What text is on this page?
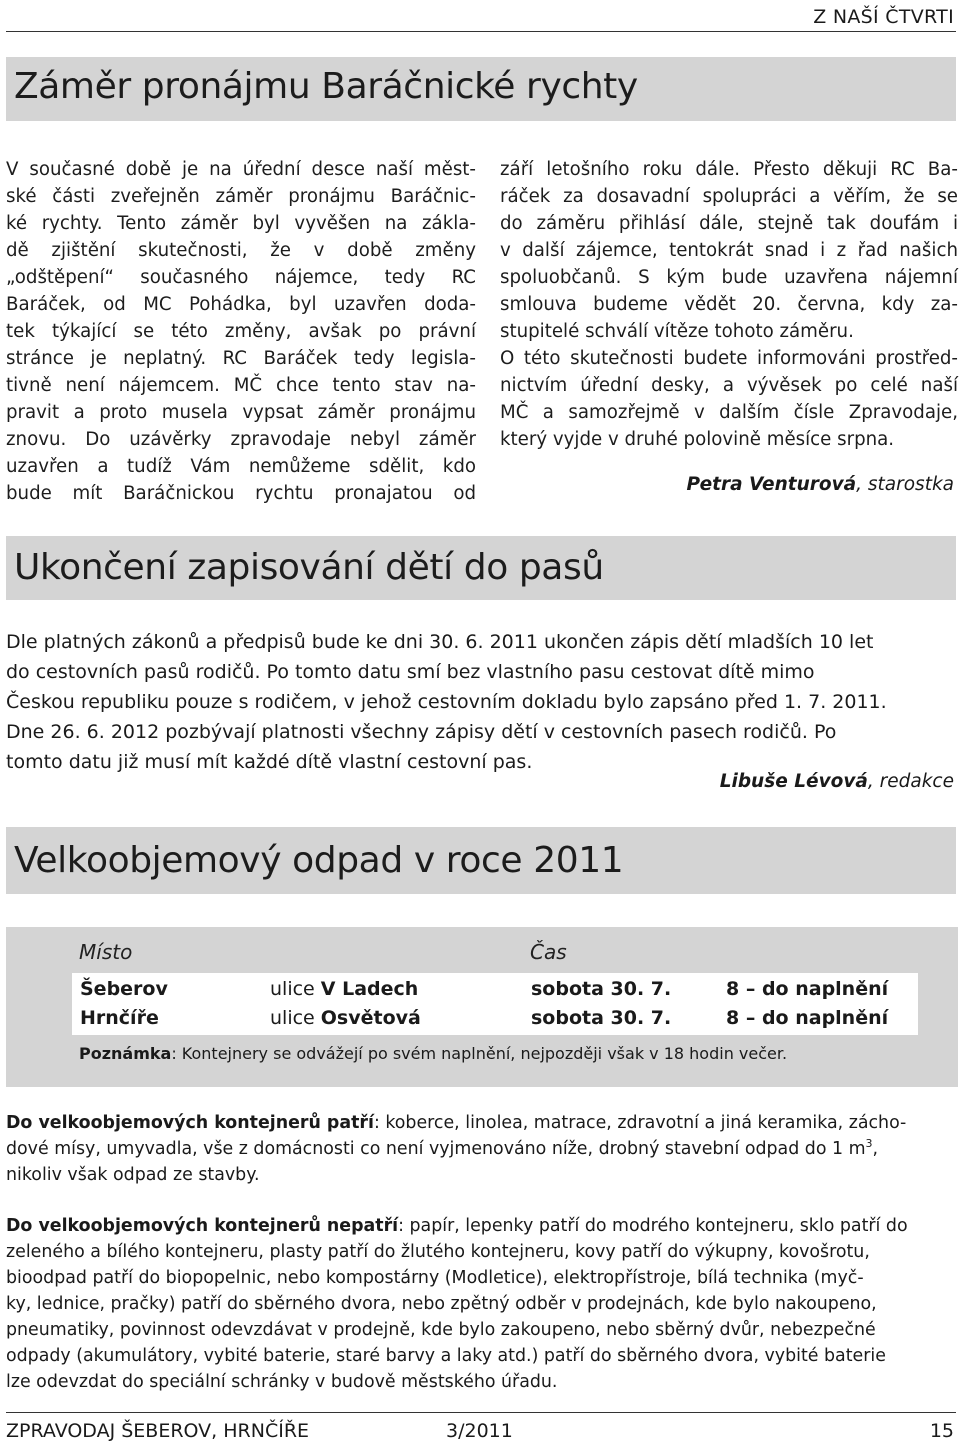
Z NAŠÍ ČTVRTI
Záměr pronájmu Baráčnické rychty

V současné době je na úřední desce naší měst-

ské části zveřejněn záměr pronájmu Baráčnic-

ké rychty. Tento záměr byl vyvěšen na zákla-

dě zjištění skutečnosti, že v době změny

„odštěpení“ současného nájemce, tedy RC

Baráček, od MC Pohádka, byl uzavřen dodа-

tek týkající se této změny, avšak po právní

stránce je neplatný. RC Baráček tedy legisla-

tivně není nájemcem. MČ chce tento stav na-

pravit a proto musela vypsat záměr pronájmu

znovu. Do uzávěrky zpravodaje nebyl záměr

uzavřen a tudíž Vám nemůžeme sdělit, kdo

bude mít Baráčnickou rychtu pronajatou od

září letošního roku dále. Přesto děkuji RC Ba-

ráček za dosavadní spolupráci a věřím, že se

do záměru přihlásí dále, stejně tak doufám i

v další zájemce, tentokrát snad i z řad našich

spoluobčanů. S kým bude uzavřena nájemní

smlouva budeme vědět 20. června, kdy za-

stupitelé schválí vítěze tohoto záměru.

O této skutečnosti budete informováni prostřed-

nictvím úřední desky, a vývěsek po celé naší

MČ a samozřejmě v dalším čísle Zpravodaje,

který vyjde v druhé polovině měsíce srpna.

Petra Venturová, starostka
Ukončení zapisování dětí do pasů

Dle platných zákonů a předpisů bude ke dni 30. 6. 2011 ukončen zápis dětí mladších 10 let

do cestovních pasů rodičů. Po tomto datu smí bez vlastního pasu cestovat dítě mimo

Českou republiku pouze s rodičem, v jehož cestovním dokladu bylo zapsáno před 1. 7. 2011.

Dne 26. 6. 2012 pozbývají platnosti všechny zápisy dětí v cestovních pasech rodičů. Po

tomto datu již musí mít každé dítě vlastní cestovní pas.

Libuše Lévová, redakce
Velkoobjemový odpad v roce 2011
Místo	Čas
Šeberov	ulice V Ladech	sobota 30. 7.	8 – do naplnění
Hrnčíře	ulice Osvětová	sobota 30. 7.	8 – do naplnění
Poznámka: Kontejnery se odvážejí po svém naplnění, nejpozději však v 18 hodin večer.

Do velkoobjemových kontejnerů patří: koberce, linolea, matrace, zdravotní a jiná keramika, zácho-

dové mísy, umyvadla, vše z domácnosti co není vyjmenováno níže, drobný stavební odpad do 1 $m^3$,

nikoliv však odpad ze stavby.

Do velkoobjemových kontejnerů nepatří: papír, lepenky patří do modrého kontejneru, sklo patří do

zeleného a bílého kontejneru, plasty patří do žlutého kontejneru, kovy patří do výkupny, kovošrotu,

bioodpad patří do biopopelnic, nebo kompostárny (Modletice), elektropřístroje, bílá technika (myč-

ky, lednice, pračky) patří do sběrného dvora, nebo zpětný odběr v prodejnách, kde bylo nakoupeno,

pneumatiky, povinnost odevzdávat v prodejně, kde bylo zakoupeno, nebo sběrný dvůr, nebezpečné

odpady (akumulátory, vybité baterie, staré barvy a laky atd.) patří do sběrného dvora, vybité baterie

lze odevzdat do speciální schránky v budově městského úřadu.

ZPRAVODAJ ŠEBEROV, HRNČÍŘE	3/2011	15
